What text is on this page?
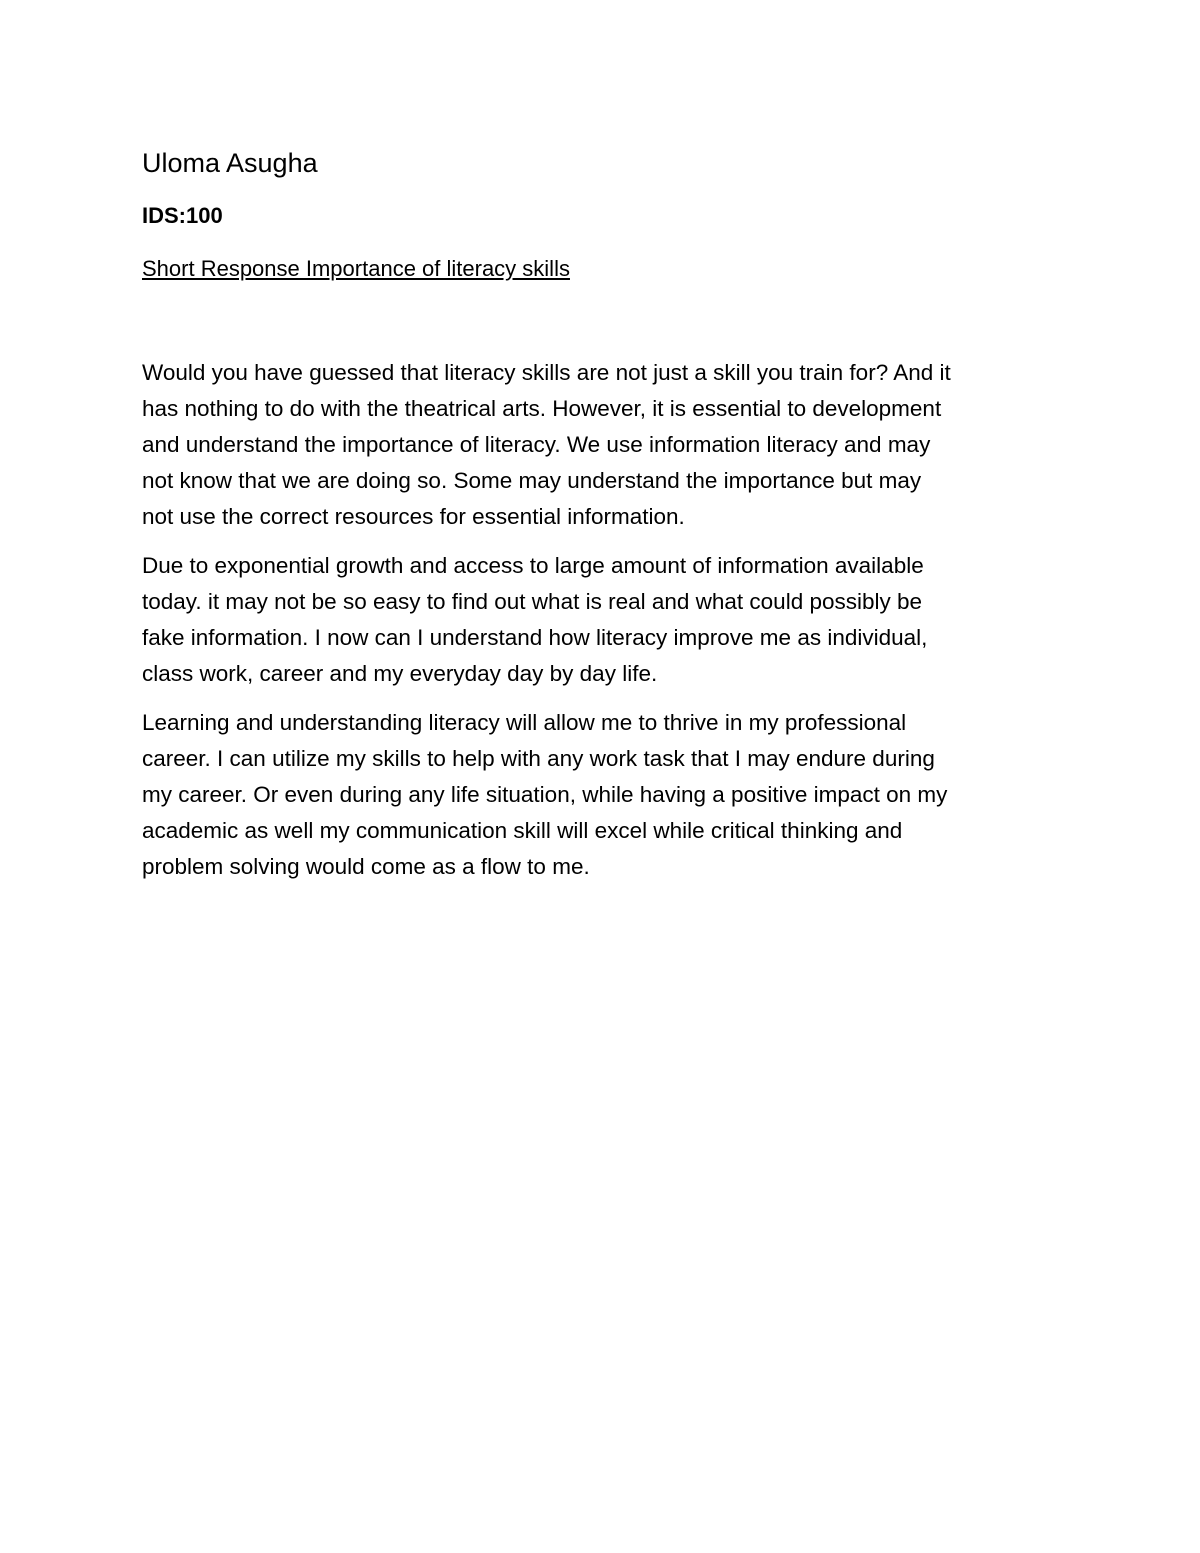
Uloma Asugha
IDS:100
Short Response Importance of literacy skills

Would you have guessed that literacy skills are not just a skill you train for? And it
has nothing to do with the theatrical arts. However, it is essential to development
and understand the importance of literacy. We use information literacy and may
not know that we are doing so. Some may understand the importance but may
not use the correct resources for essential information.

Due to exponential growth and access to large amount of information available
today. it may not be so easy to find out what is real and what could possibly be
fake information. I now can I understand how literacy improve me as individual,
class work, career and my everyday day by day life.

Learning and understanding literacy will allow me to thrive in my professional
career. I can utilize my skills to help with any work task that I may endure during
my career. Or even during any life situation, while having a positive impact on my
academic as well my communication skill will excel while critical thinking and
problem solving would come as a flow to me.
